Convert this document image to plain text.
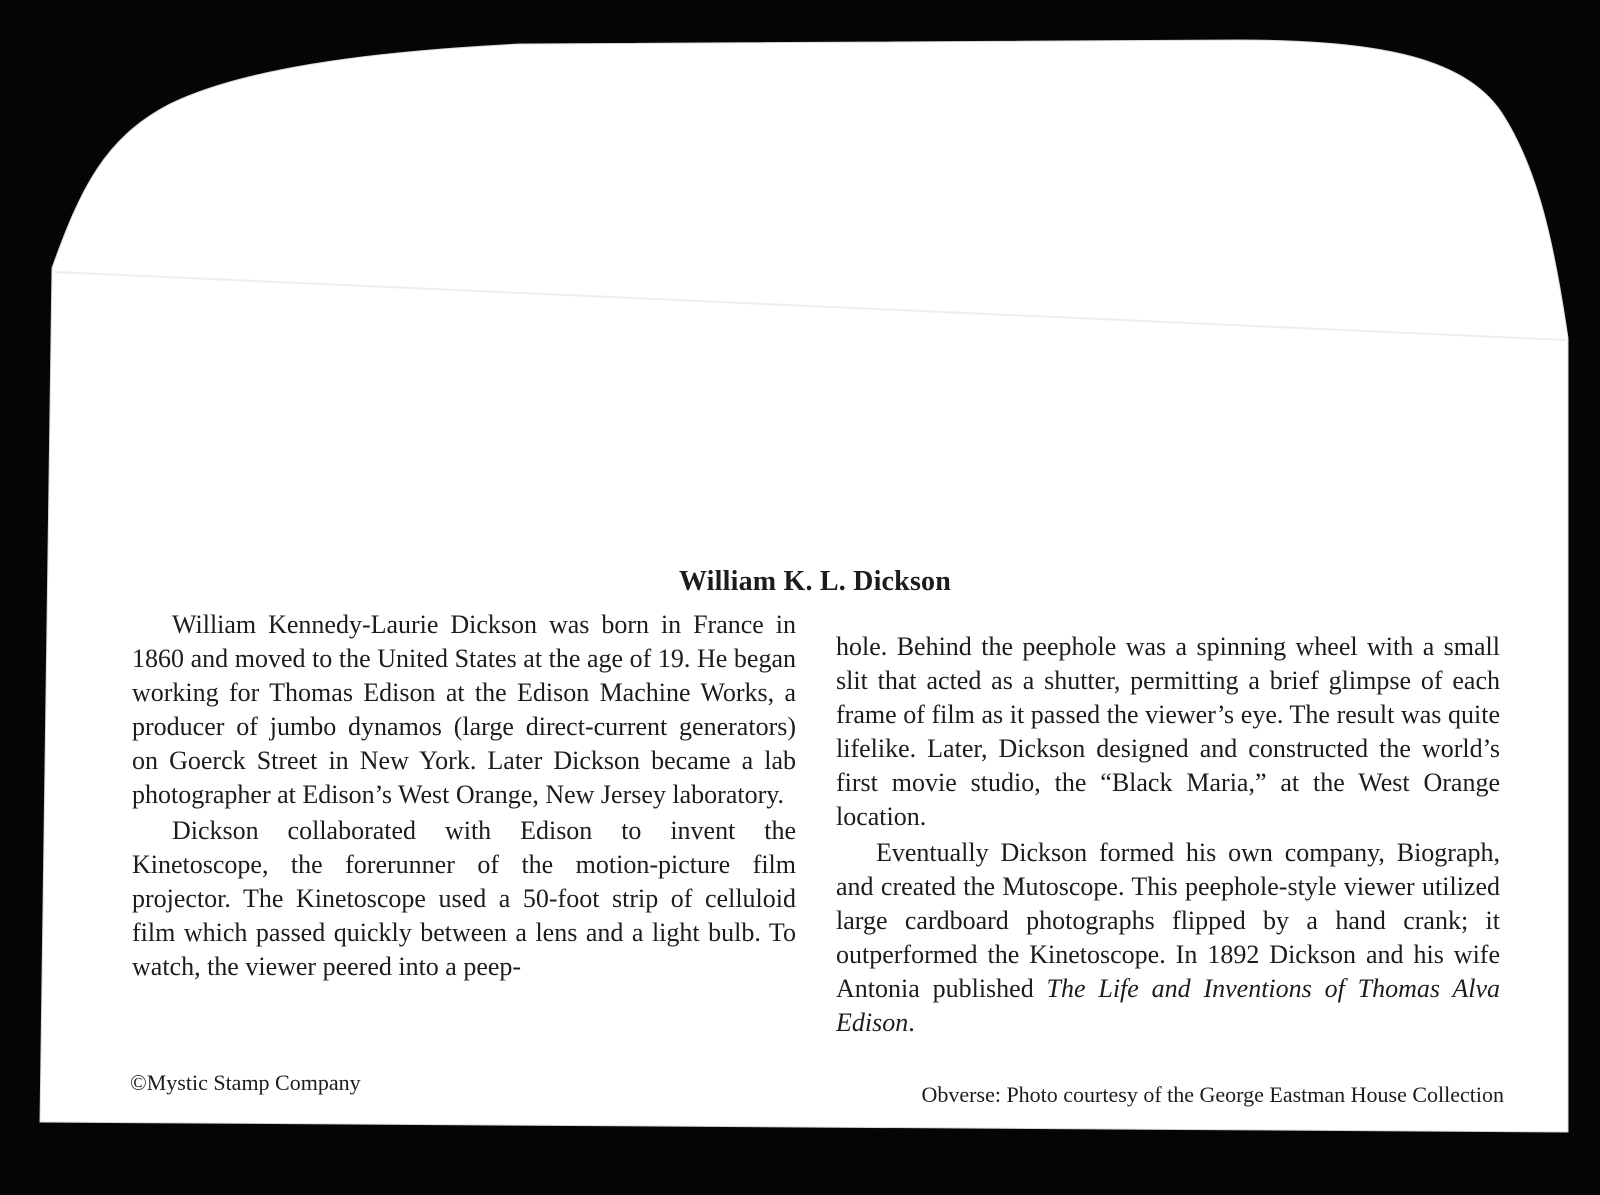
William K. L. Dickson

William Kennedy-Laurie Dickson was born in France in 1860 and moved to the United States at the age of 19. He began working for Thomas Edison at the Edison Machine Works, a producer of jumbo dynamos (large direct-current generators) on Goerck Street in New York. Later Dickson became a lab photographer at Edison’s West Orange, New Jersey laboratory.

Dickson collaborated with Edison to invent the Kinetoscope, the forerunner of the motion-picture film projector. The Kinetoscope used a 50-foot strip of celluloid film which passed quickly between a lens and a light bulb. To watch, the viewer peered into a peep-

hole. Behind the peephole was a spinning wheel with a small slit that acted as a shutter, permitting a brief glimpse of each frame of film as it passed the viewer’s eye. The result was quite lifelike. Later, Dickson designed and constructed the world’s first movie studio, the “Black Maria,” at the West Orange location.

Eventually Dickson formed his own company, Biograph, and created the Mutoscope. This peephole-style viewer utilized large cardboard photographs flipped by a hand crank; it outperformed the Kinetoscope. In 1892 Dickson and his wife Antonia published The Life and Inventions of Thomas Alva Edison.

©Mystic Stamp Company	Obverse: Photo courtesy of the George Eastman House Collection
